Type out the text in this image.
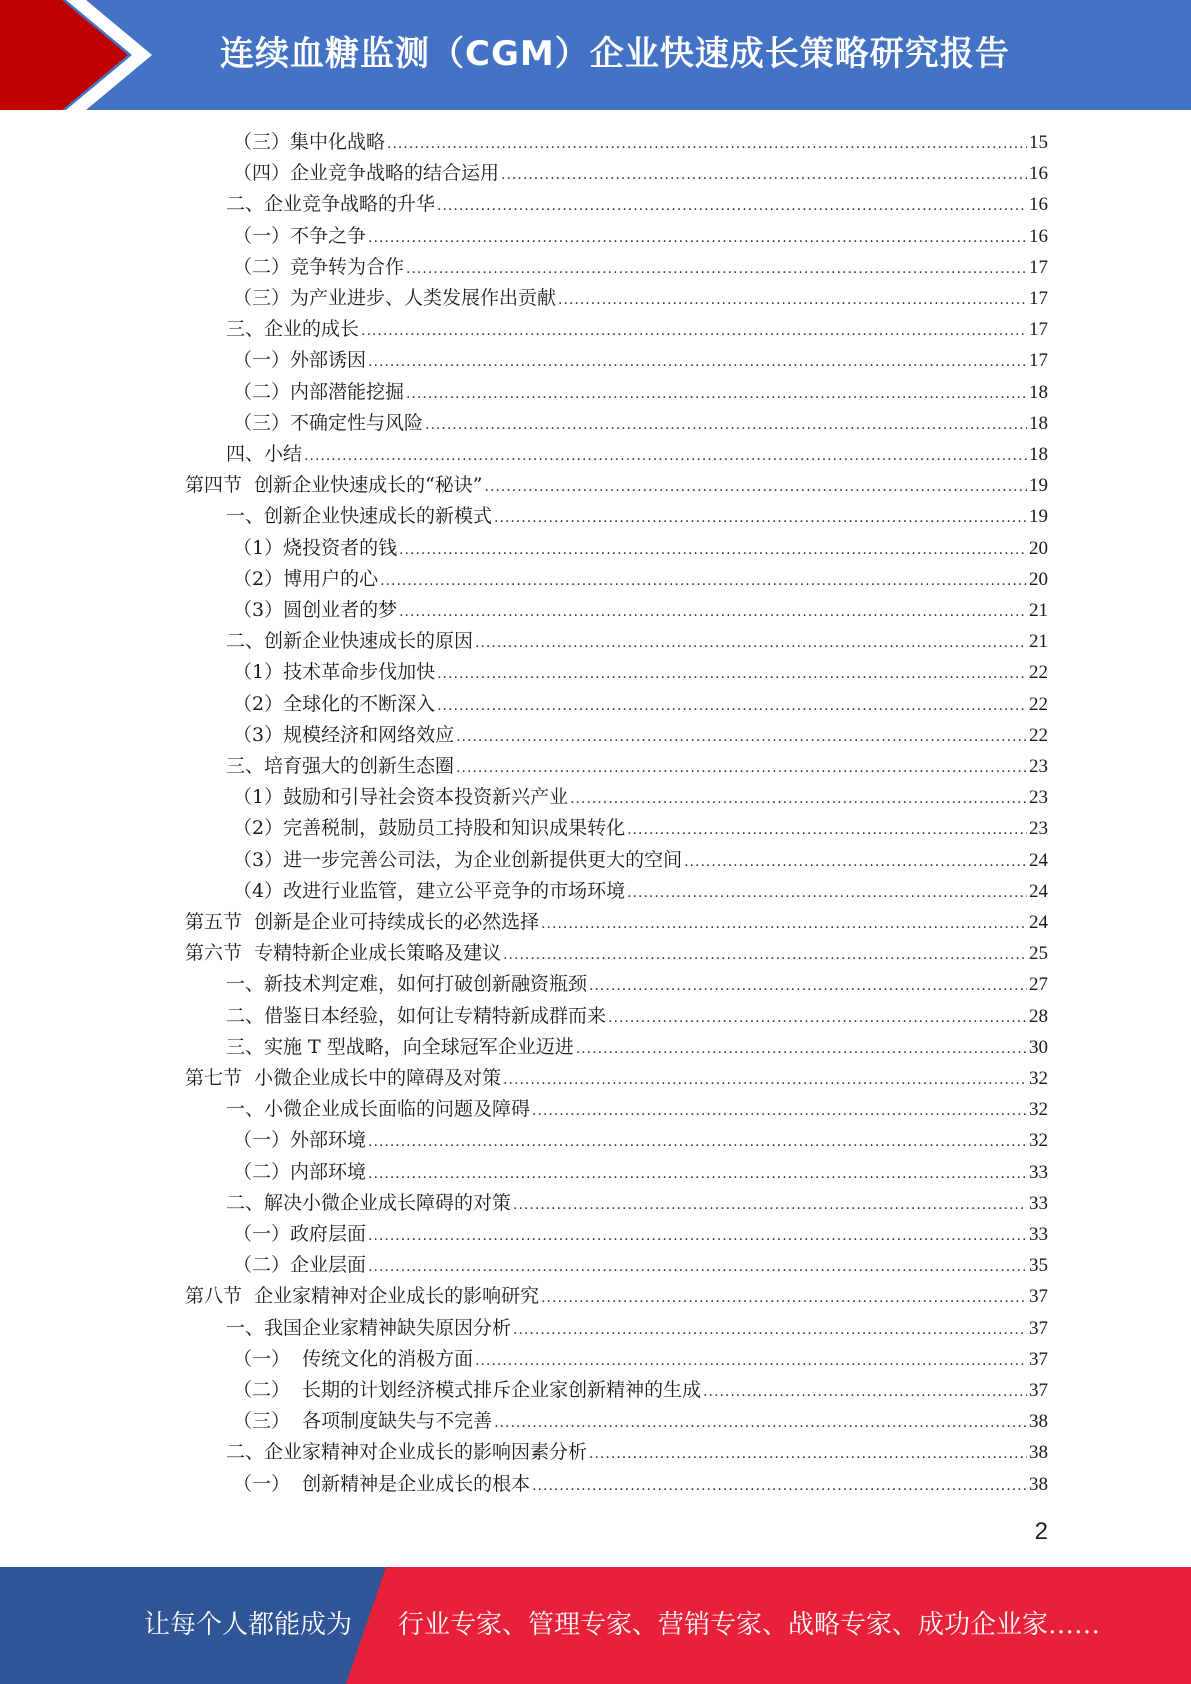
连续血糖监测（CGM）企业快速成长策略研究报告
（三）集中化战略 .....	15
（四）企业竞争战略的结合运用 .....	16
二、企业竞争战略的升华 .....	16
（一）不争之争 .....	16
（二）竞争转为合作 .....	17
（三）为产业进步、人类发展作出贡献 .....	17
三、企业的成长 .....	17
（一）外部诱因 .....	17
（二）内部潜能挖掘 .....	18
（三）不确定性与风险 .....	18
四、小结 .....	18
第四节  创新企业快速成长的“秘诀” .....	19
一、创新企业快速成长的新模式 .....	19
（1）烧投资者的钱 .....	20
（2）博用户的心 .....	20
（3）圆创业者的梦 .....	21
二、创新企业快速成长的原因 .....	21
（1）技术革命步伐加快 .....	22
（2）全球化的不断深入 .....	22
（3）规模经济和网络效应 .....	22
三、培育强大的创新生态圈 .....	23
（1）鼓励和引导社会资本投资新兴产业 .....	23
（2）完善税制，鼓励员工持股和知识成果转化 .....	23
（3）进一步完善公司法，为企业创新提供更大的空间 .....	24
（4）改进行业监管，建立公平竞争的市场环境 .....	24
第五节  创新是企业可持续成长的必然选择 .....	24
第六节  专精特新企业成长策略及建议 .....	25
一、新技术判定难，如何打破创新融资瓶颈 .....	27
二、借鉴日本经验，如何让专精特新成群而来 .....	28
三、实施 T 型战略，向全球冠军企业迈进 .....	30
第七节  小微企业成长中的障碍及对策 .....	32
一、小微企业成长面临的问题及障碍 .....	32
（一）外部环境 .....	32
（二）内部环境 .....	33
二、解决小微企业成长障碍的对策 .....	33
（一）政府层面 .....	33
（二）企业层面 .....	35
第八节  企业家精神对企业成长的影响研究 .....	37
一、我国企业家精神缺失原因分析 .....	37
（一）  传统文化的消极方面 .....	37
（二）  长期的计划经济模式排斥企业家创新精神的生成 .....	37
（三）  各项制度缺失与不完善 .....	38
二、企业家精神对企业成长的影响因素分析 .....	38
（一）  创新精神是企业成长的根本 .....	38
2
让每个人都能成为 行业专家、管理专家、营销专家、战略专家、成功企业家……
